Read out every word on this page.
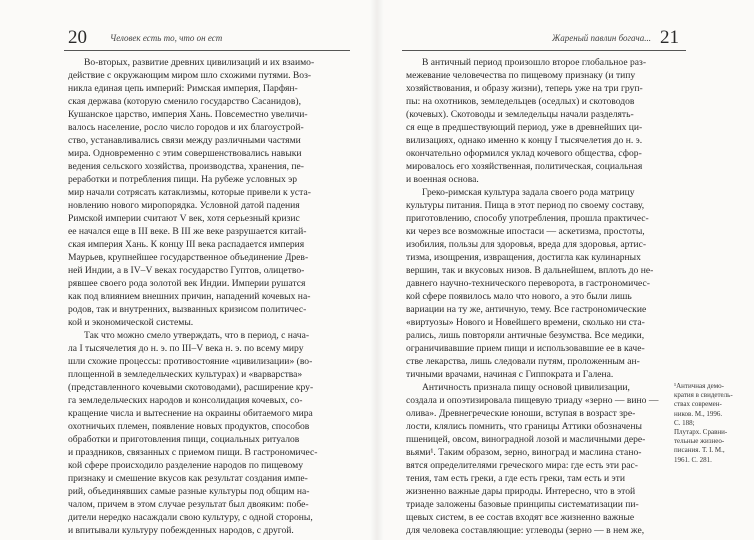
20	Человек есть то, что он ест	Жареный павлин богача... 21
Во-вторых, развитие древних цивилизаций и их взаимо-
действие с окружающим миром шло схожими путями. Воз-
никла единая цепь империй: Римская империя, Парфян-
ская держава (которую сменило государство Сасанидов),
Кушанское царство, империя Хань. Повсеместно увеличи-
валось население, росло число городов и их благоустрой-
ство, устанавливались связи между различными частями
мира. Одновременно с этим совершенствовались навыки
ведения сельского хозяйства, производства, хранения, пе-
реработки и потребления пищи. На рубеже условных эр
мир начали сотрясать катаклизмы, которые привели к уста-
новлению нового миропорядка. Условной датой падения
Римской империи считают V век, хотя серьезный кризис
ее начался еще в III веке. В III же веке разрушается китай-
ская империя Хань. К концу III века распадается империя
Маурьев, крупнейшее государственное объединение Древ-
ней Индии, а в IV–V веках государство Гуптов, олицетво-
рявшее своего рода золотой век Индии. Империи рушатся
как под влиянием внешних причин, нападений кочевых на-
родов, так и внутренних, вызванных кризисом политичес-
кой и экономической системы.
Так что можно смело утверждать, что в период, с нача-
ла I тысячелетия до н. э. по III–V века н. э. по всему миру
шли схожие процессы: противостояние «цивилизации» (во-
площенной в земледельческих культурах) и «варварства»
(представленного кочевыми скотоводами), расширение кру-
га земледельческих народов и консолидация кочевых, со-
кращение числа и вытеснение на окраины обитаемого мира
охотничьих племен, появление новых продуктов, способов
обработки и приготовления пищи, социальных ритуалов
и праздников, связанных с приемом пищи. В гастрономичес-
кой сфере происходило разделение народов по пищевому
признаку и смешение вкусов как результат создания импе-
рий, объединявших самые разные культуры под общим на-
чалом, причем в этом случае результат был двояким: побе-
дители нередко насаждали свою культуру, с одной стороны,
и впитывали культуру побежденных народов, с другой.
В античный период произошло второе глобальное раз-
межевание человечества по пищевому признаку (и типу
хозяйствования, и образу жизни), теперь уже на три груп-
пы: на охотников, земледельцев (оседлых) и скотоводов
(кочевых). Скотоводы и земледельцы начали разделять-
ся еще в предшествующий период, уже в древнейших ци-
вилизациях, однако именно к концу I тысячелетия до н. э.
окончательно оформился уклад кочевого общества, сфор-
мировалось его хозяйственная, политическая, социальная
и военная основа.
Греко-римская культура задала своего рода матрицу
культуры питания. Пища в этот период по своему составу,
приготовлению, способу употребления, прошла практичес-
ки через все возможные ипостаси — аскетизма, простоты,
изобилия, пользы для здоровья, вреда для здоровья, артис-
тизма, изощрения, извращения, достигла как кулинарных
вершин, так и вкусовых низов. В дальнейшем, вплоть до не-
давнего научно-технического переворота, в гастрономичес-
кой сфере появилось мало что нового, а это были лишь
вариации на ту же, античную, тему. Все гастрономические
«виртуозы» Нового и Новейшего времени, сколько ни ста-
рались, лишь повторяли античные безумства. Все медики,
ограничивавшие прием пищи и использовавшие ее в каче-
стве лекарства, лишь следовали путям, проложенным ан-
тичными врачами, начиная с Гиппократа и Галена.
Античность признала пищу основой цивилизации,
создала и опоэтизировала пищевую триаду «зерно — вино —
олива». Древнегреческие юноши, вступая в возраст зре-
лости, клялись помнить, что границы Аттики обозначены
пшеницей, овсом, виноградной лозой и масличными дере-
вьями¹. Таким образом, зерно, виноград и маслина стано-
вятся определителями греческого мира: где есть эти рас-
тения, там есть греки, а где есть греки, там есть и эти
жизненно важные дары природы. Интересно, что в этой
триаде заложены базовые принципы систематизации пи-
щевых систем, в ее состав входят все жизненно важные
для человека составляющие: углеводы (зерно — в нем же,
¹Античная демо-
кратия в свидетель-
ствах современ-
ников. М., 1996.
С. 188;
Плутарх. Сравни-
тельные жизнео-
писания. Т. I. М.,
1961. С. 281.
